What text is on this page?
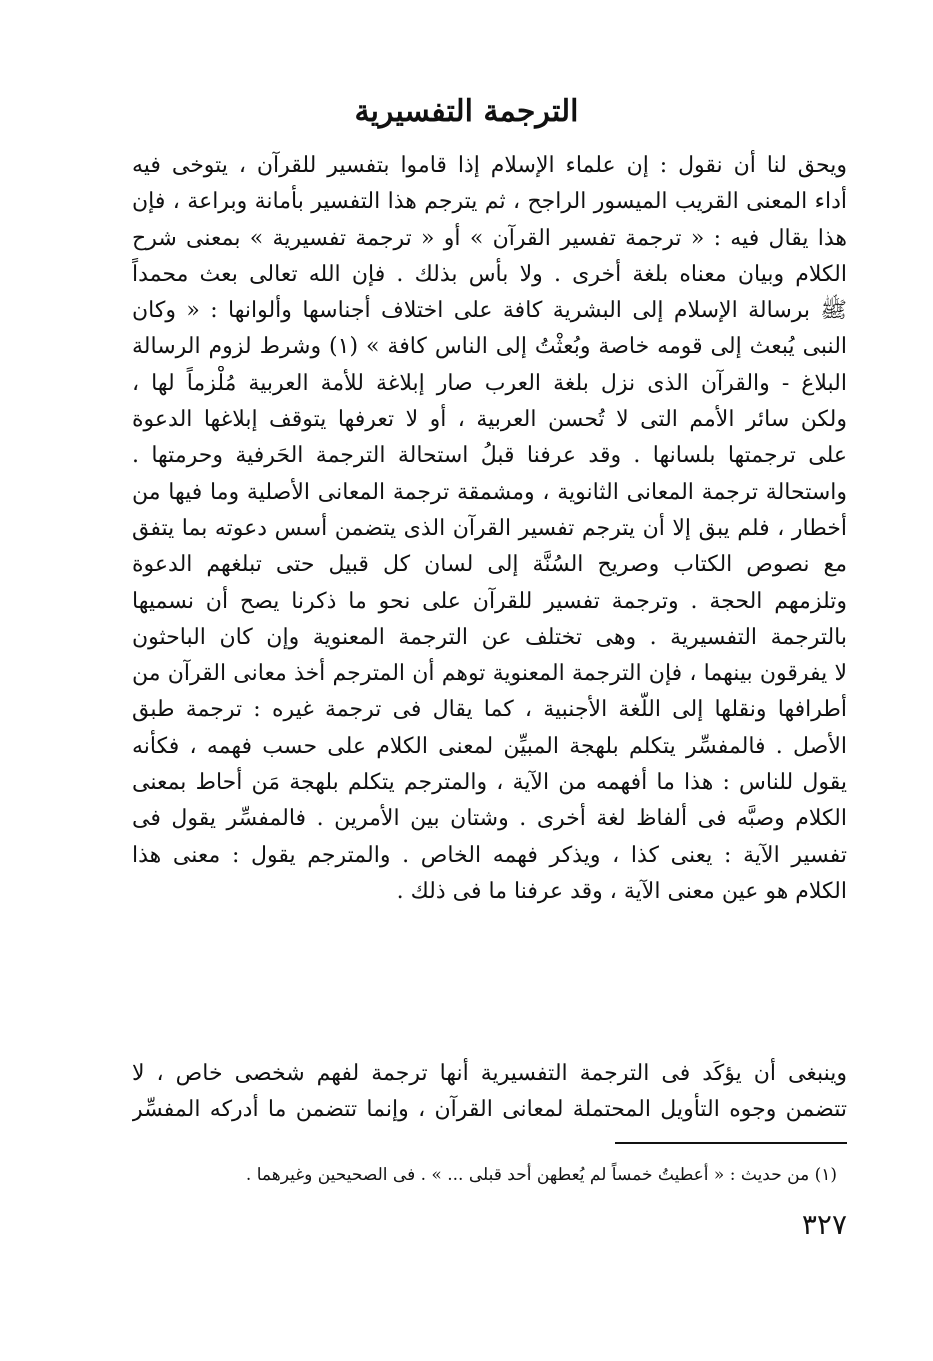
الترجمة التفسيرية
ويحق لنا أن نقول : إن علماء الإسلام إذا قاموا بتفسير للقرآن ، يتوخى فيه
أداء المعنى القريب الميسور الراجح ، ثم يترجم هذا التفسير بأمانة وبراعة ، فإن
هذا يقال فيه : « ترجمة تفسير القرآن » أو « ترجمة تفسيرية » بمعنى شرح
الكلام وبيان معناه بلغة أخرى . ولا بأس بذلك . فإن الله تعالى بعث محمداً
ﷺ برسالة الإسلام إلى البشرية كافة على اختلاف أجناسها وألوانها : « وكان
النبى يُبعث إلى قومه خاصة وبُعثْتُ إلى الناس كافة » (١) وشرط لزوم الرسالة
البلاغ - والقرآن الذى نزل بلغة العرب صار إبلاغة للأمة العربية مُلْزماً لها ،
ولكن سائر الأمم التى لا تُحسن العربية ، أو لا تعرفها يتوقف إبلاغها الدعوة
على ترجمتها بلسانها . وقد عرفنا قبلُ استحالة الترجمة الحَرفية وحرمتها .
واستحالة ترجمة المعانى الثانوية ، ومشمقة ترجمة المعانى الأصلية وما فيها من
أخطار ، فلم يبق إلا أن يترجم تفسير القرآن الذى يتضمن أسس دعوته بما يتفق
مع نصوص الكتاب وصريح السُنَّة إلى لسان كل قبيل حتى تبلغهم الدعوة
وتلزمهم الحجة . وترجمة تفسير للقرآن على نحو ما ذكرنا يصح أن نسميها
بالترجمة التفسيرية . وهى تختلف عن الترجمة المعنوية وإن كان الباحثون
لا يفرقون بينهما ، فإن الترجمة المعنوية توهم أن المترجم أخذ معانى القرآن من
أطرافها ونقلها إلى اللُّغة الأجنبية ، كما يقال فى ترجمة غيره : ترجمة طبق
الأصل . فالمفسِّر يتكلم بلهجة المبيِّن لمعنى الكلام على حسب فهمه ، فكأنه
يقول للناس : هذا ما أفهمه من الآية ، والمترجم يتكلم بلهجة مَن أحاط بمعنى
الكلام وصبَّه فى ألفاظ لغة أخرى . وشتان بين الأمرين . فالمفسِّر يقول فى
تفسير الآية : يعنى كذا ، ويذكر فهمه الخاص . والمترجم يقول : معنى هذا
الكلام هو عين معنى الآية ، وقد عرفنا ما فى ذلك .
وينبغى أن يؤكَد فى الترجمة التفسيرية أنها ترجمة لفهم شخصى خاص ، لا
تتضمن وجوه التأويل المحتملة لمعانى القرآن ، وإنما تتضمن ما أدركه المفسِّر
(١) من حديث : « أعطيتُ خمساً لم يُعطهن أحد قبلى ... » . فى الصحيحين وغيرهما .
٣٢٧
